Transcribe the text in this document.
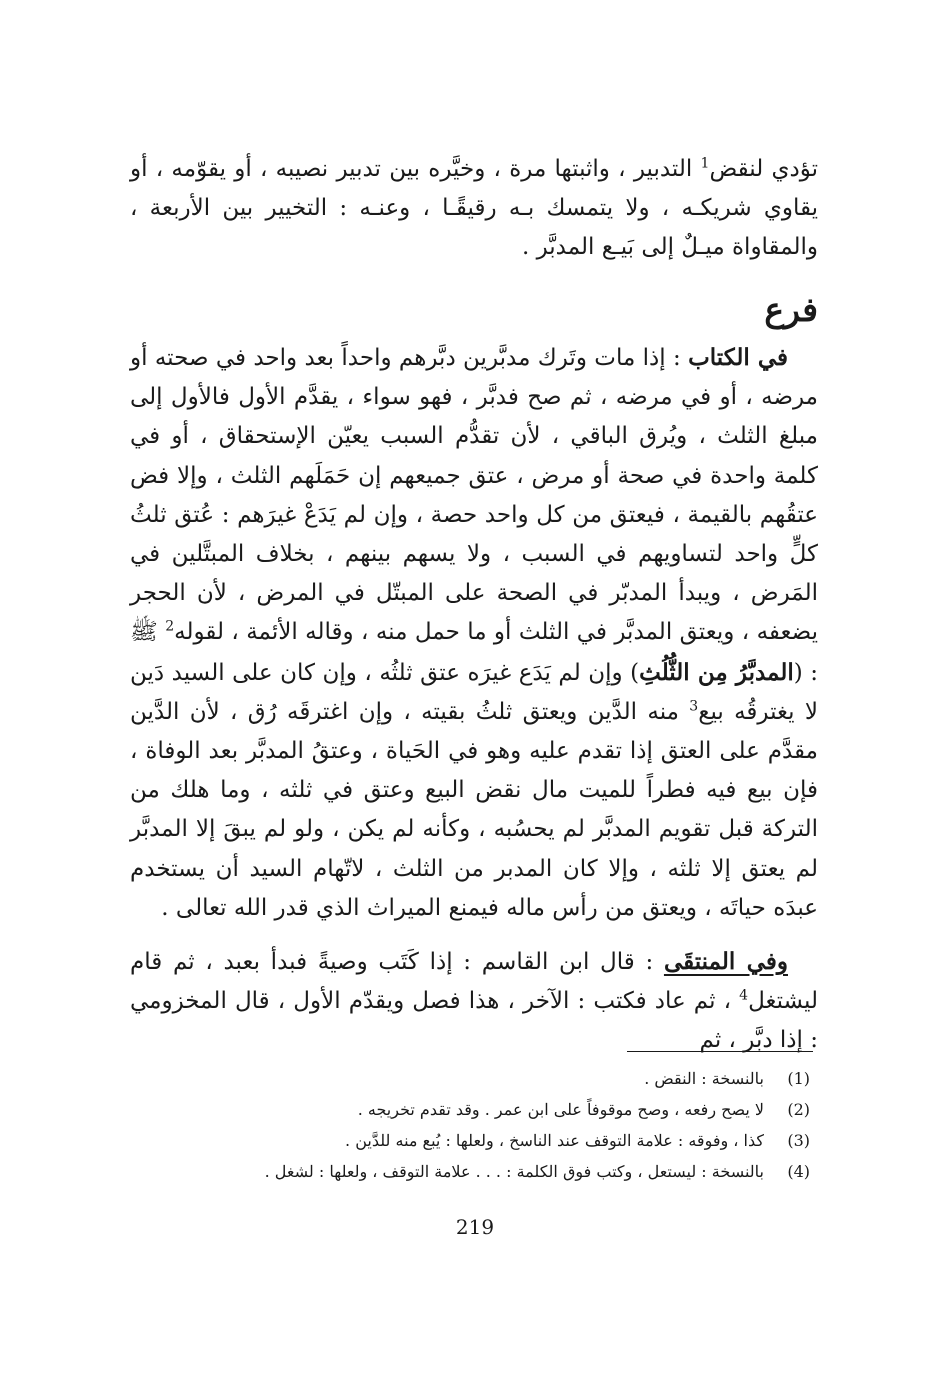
تؤدي لنقض$^1$ التدبير ، واثبتها مرة ، وخيَّره بين تدبير نصيبه ، أو يقوّمه ، أو يقاوي شريكـه ، ولا يتمسك بـه رقيقًـا ، وعنـه : التخيير بين الأربعة ، والمقاواة ميـلٌ إلى بَيـع المدبَّر .

فرع

في الكتاب : إذا مات وتَرك مدبَّرين دبَّرهم واحداً بعد واحد في صحته أو مرضه ، أو في مرضه ، ثم صح فدبَّر ، فهو سواء ، يقدَّم الأول فالأول إلى مبلغ الثلث ، ويُرق الباقي ، لأن تقدُّم السبب يعيّن الإستحقاق ، أو في كلمة واحدة في صحة أو مرض ، عتق جميعهم إن حَمَلَهم الثلث ، وإلا فض عتقُهم بالقيمة ، فيعتق من كل واحد حصة ، وإن لم يَدَعْ غيرَهم : عُتق ثلثُ كلٍّ واحد لتساويهم في السبب ، ولا يسهم بينهم ، بخلاف المبتَّلين في المَرض ، ويبدأ المدبّر في الصحة على المبتّل في المرض ، لأن الحجر يضعفه ، ويعتق المدبَّر في الثلث أو ما حمل منه ، وقاله الأئمة ، لقوله$^2$ ﷺ : (المدبَّرُ مِن الثُّلُثِ) وإن لم يَدَع غيرَه عتق ثلثُه ، وإن كان على السيد دَين لا يغترقُه بيع$^3$ منه الدَّين ويعتق ثلثُ بقيته ، وإن اغترقَه رُق ، لأن الدَّين مقدَّم على العتق إذا تقدم عليه وهو في الحَياة ، وعتقُ المدبَّر بعد الوفاة ، فإن بيع فيه فطراً للميت مال نقض البيع وعتق في ثلثه ، وما هلك من التركة قبل تقويم المدبَّر لم يحسُبه ، وكأنه لم يكن ، ولو لم يبقَ إلا المدبَّر لم يعتق إلا ثلثه ، وإلا كان المدبر من الثلث ، لاتّهام السيد أن يستخدم عبدَه حياتَه ، ويعتق من رأس ماله فيمنع الميراث الذي قدر الله تعالى .

وفي المنتقَى : قال ابن القاسم : إذا كَتَب وصيةً فبدأ بعبد ، ثم قام ليشتغل$^4$ ، ثم عاد فكتب : الآخر ، هذا فصل ويقدّم الأول ، قال المخزومي : إذا دبَّر ، ثم

(1)
بالنسخة : النقض .
(2)
لا يصح رفعه ، وصح موقوفاً على ابن عمر . وقد تقدم تخريجه .
(3)
كذا ، وفوقه : علامة التوقف عند الناسخ ، ولعلها : يُبع منه للدَّين .
(4)
بالنسخة : ليستعل ، وكتب فوق الكلمة : . . . علامة التوقف ، ولعلها : لشغل .
219
